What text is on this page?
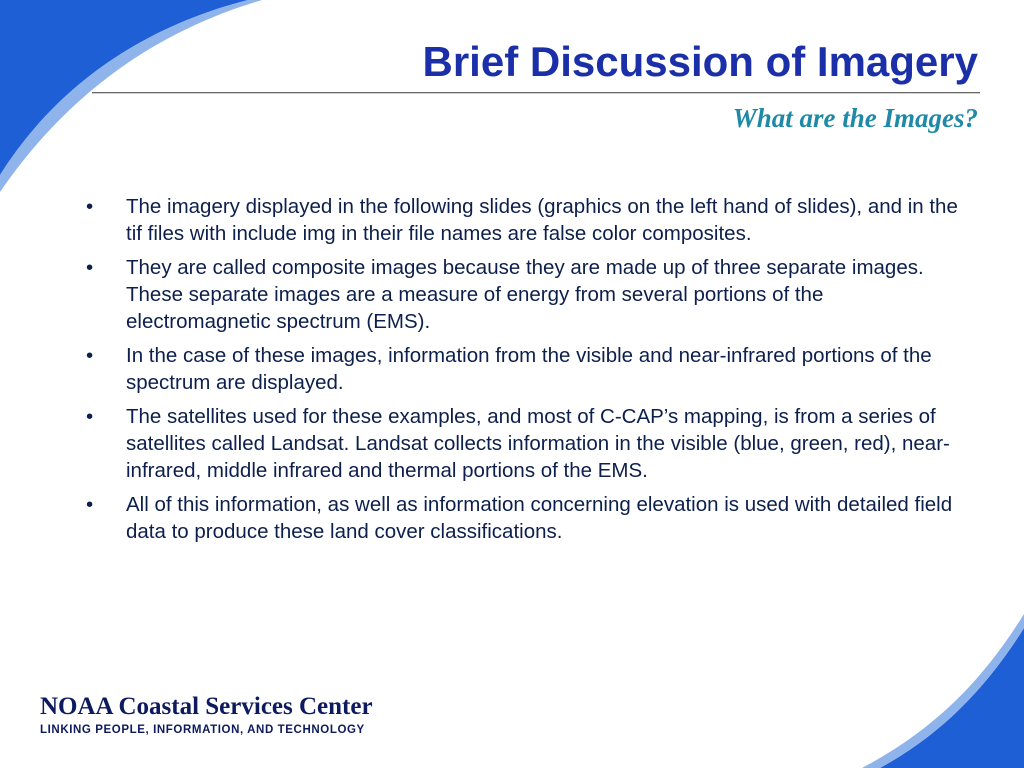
Brief Discussion of Imagery
What are the Images?
• The imagery displayed in the following slides (graphics on the left hand of slides), and in the tif files with include img in their file names are false color composites.
• They are called composite images because they are made up of three separate images. These separate images are a measure of energy from several portions of the electromagnetic spectrum (EMS).
• In the case of these images, information from the visible and near-infrared portions of the spectrum are displayed.
• The satellites used for these examples, and most of C-CAP’s mapping, is from a series of satellites called Landsat. Landsat collects information in the visible (blue, green, red), near-infrared, middle infrared and thermal portions of the EMS.
• All of this information, as well as information concerning elevation is used with detailed field data to produce these land cover classifications.
NOAA Coastal Services Center
LINKING PEOPLE, INFORMATION, AND TECHNOLOGY
